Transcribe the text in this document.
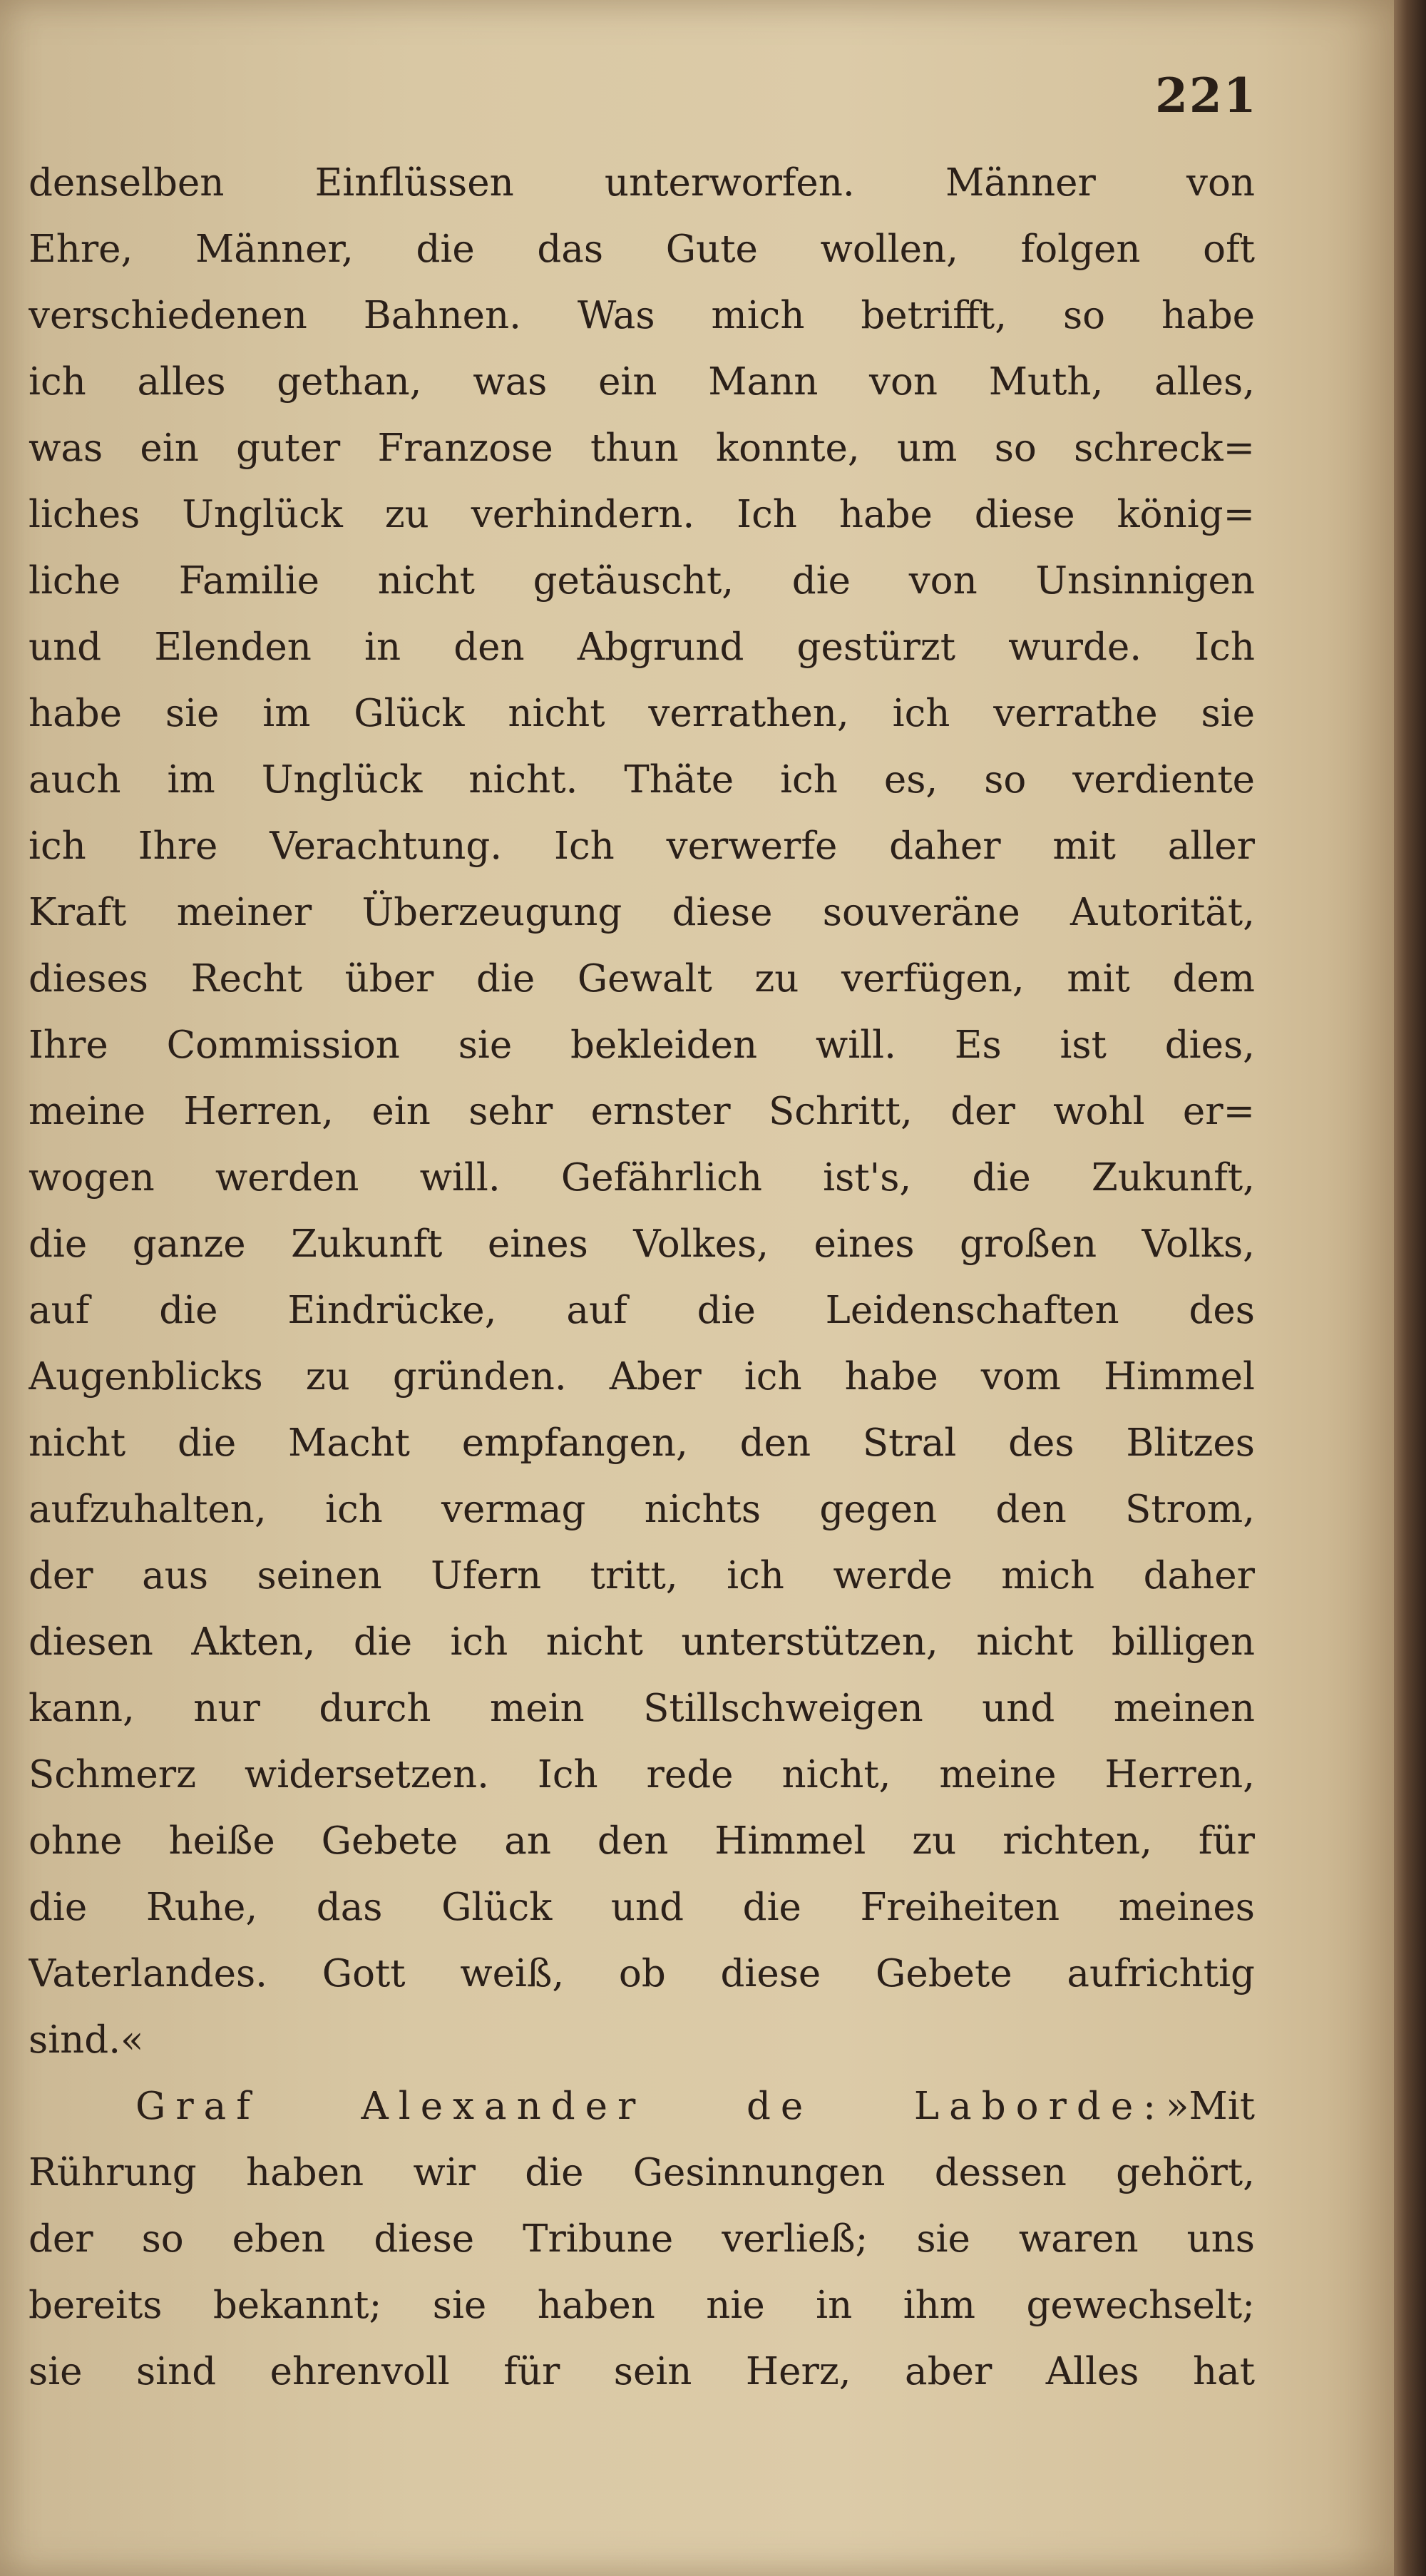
221
denselben Einflüssen unterworfen. Männer von
Ehre, Männer, die das Gute wollen, folgen oft
verschiedenen Bahnen. Was mich betrifft, so habe
ich alles gethan, was ein Mann von Muth, alles,
was ein guter Franzose thun konnte, um so schreck=
liches Unglück zu verhindern. Ich habe diese könig=
liche Familie nicht getäuscht, die von Unsinnigen
und Elenden in den Abgrund gestürzt wurde. Ich
habe sie im Glück nicht verrathen, ich verrathe sie
auch im Unglück nicht. Thäte ich es, so verdiente
ich Ihre Verachtung. Ich verwerfe daher mit aller
Kraft meiner Überzeugung diese souveräne Autorität,
dieses Recht über die Gewalt zu verfügen, mit dem
Ihre Commission sie bekleiden will. Es ist dies,
meine Herren, ein sehr ernster Schritt, der wohl er=
wogen werden will. Gefährlich ist's, die Zukunft,
die ganze Zukunft eines Volkes, eines großen Volks,
auf die Eindrücke, auf die Leidenschaften des
Augenblicks zu gründen. Aber ich habe vom Himmel
nicht die Macht empfangen, den Stral des Blitzes
aufzuhalten, ich vermag nichts gegen den Strom,
der aus seinen Ufern tritt, ich werde mich daher
diesen Akten, die ich nicht unterstützen, nicht billigen
kann, nur durch mein Stillschweigen und meinen
Schmerz widersetzen. Ich rede nicht, meine Herren,
ohne heiße Gebete an den Himmel zu richten, für
die Ruhe, das Glück und die Freiheiten meines
Vaterlandes. Gott weiß, ob diese Gebete aufrichtig
sind.«
Graf Alexander de Laborde: »Mit
Rührung haben wir die Gesinnungen dessen gehört,
der so eben diese Tribune verließ; sie waren uns
bereits bekannt; sie haben nie in ihm gewechselt;
sie sind ehrenvoll für sein Herz, aber Alles hat
